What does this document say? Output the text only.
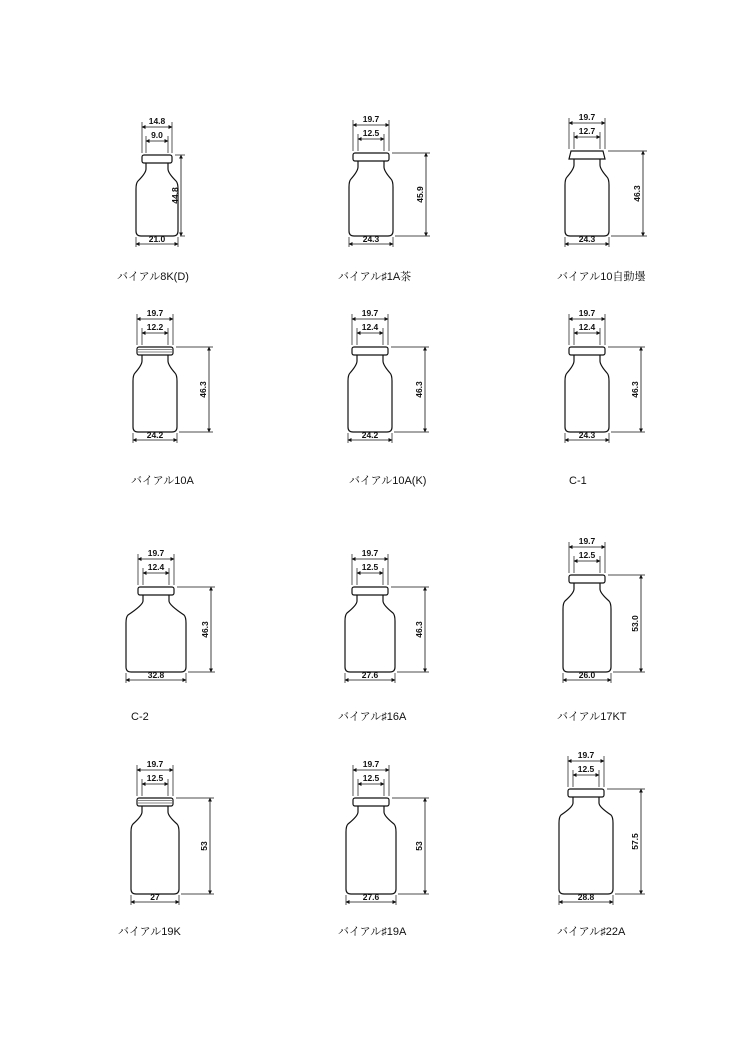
14.8
9.0
21.0
44.8
バイアル8K(D)
19.7
12.5
24.3
45.9
バイアル♯1A茶
19.7
12.7
24.3
46.3
バイアル10自動壜
19.7
12.2
24.2
46.3
バイアル10A
19.7
12.4
24.2
46.3
バイアル10A(K)
19.7
12.4
24.3
46.3
C-1
19.7
12.4
32.8
46.3
C-2
19.7
12.5
27.6
46.3
バイアル♯16A
19.7
12.5
26.0
53.0
バイアル17KT
19.7
12.5
27
53
バイアル19K
19.7
12.5
27.6
53
バイアル♯19A
19.7
12.5
28.8
57.5
バイアル♯22A
